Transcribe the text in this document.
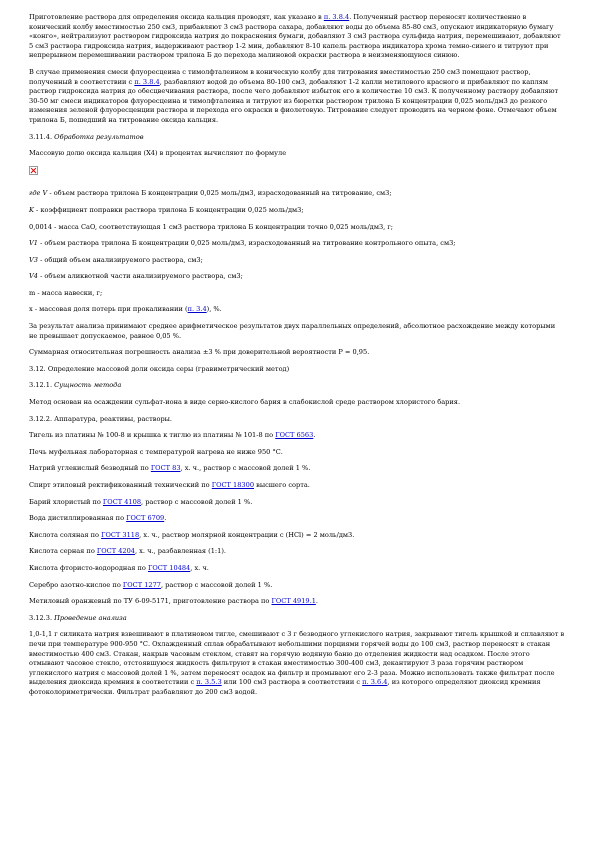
Приготовление раствора для определения оксида кальция проводят, как указано в п. 3.8.4. Полученный раствор переносят количественно в конический колбу вместимостью 250 см3, прибавляют 3 см3 раствора сахара, добавляют воды до объема 85-80 см3, опускают индикаторную бумагу «конго», нейтрализуют раствором гидроксида натрия до покраснения бумаги, добавляют 3 см3 раствора сульфида натрия, перемешивают, добавляют 5 см3 раствора гидроксида натрия, выдерживают раствор 1-2 мин, добавляют 8-10 капель раствора индикатора хрома темно-синего и титруют при непрерывном перемешивании раствором трилона Б до перехода малиновой окраски раствора в неизменяющуюся синюю.

В случае применения смеси флуоресцеина с тимолфталеином в коническую колбу для титрования вместимостью 250 см3 помещают раствор, полученный в соответствии с п. 3.8.4, разбавляют водой до объема 80-100 см3, добавляют 1-2 капли метилового красного и прибавляют по каплям раствор гидроксида натрия до обесцвечивания раствора, после чего добавляют избыток его в количестве 10 см3. К полученному раствору добавляют 30-50 мг смеси индикаторов флуоресцеина и тимолфталеина и титруют из бюретки раствором трилона Б концентрации 0,025 моль/дм3 до резкого изменения зеленой флуоресценции раствора и перехода его окраски в фиолетовую. Титрование следует проводить на черном фоне. Отмечают объем трилона Б, пошедший на титрование оксида кальция.

3.11.4. Обработка результатов

Массовую долю оксида кальция (X4) в процентах вычисляют по формуле

где V - объем раствора трилона Б концентрации 0,025 моль/дм3, израсходованный на титрование, см3;

K - коэффициент поправки раствора трилона Б концентрации 0,025 моль/дм3;

0,0014 - масса CaO, соответствующая 1 см3 раствора трилона Б концентрации точно 0,025 моль/дм3, г;

V1 - объем раствора трилона Б концентрации 0,025 моль/дм3, израсходованный на титрование контрольного опыта, см3;

V3 - общий объем анализируемого раствора, см3;

V4 - объем аликвотной части анализируемого раствора, см3;

m - масса навески, г;

x - массовая доля потерь при прокаливании (п. 3.4), %.

За результат анализа принимают среднее арифметическое результатов двух параллельных определений, абсолютное расхождение между которыми не превышает допускаемое, равное 0,05 %.

Суммарная относительная погрешность анализа ±3 % при доверительной вероятности P = 0,95.

3.12. Определение массовой доли оксида серы (гравиметрический метод)

3.12.1. Сущность метода

Метод основан на осаждении сульфат-иона в виде серно-кислого бария в слабокислой среде раствором хлористого бария.

3.12.2. Аппаратура, реактивы, растворы.

Тигель из платины № 100-8 и крышка к тиглю из платины № 101-8 по ГОСТ 6563.

Печь муфельная лабораторная с температурой нагрева не ниже 950 °С.

Натрий углекислый безводный по ГОСТ 83, х. ч., раствор с массовой долей 1 %.

Спирт этиловый ректификованный технический по ГОСТ 18300 высшего сорта.

Барий хлористый по ГОСТ 4108, раствор с массовой долей 1 %.

Вода дистиллированная по ГОСТ 6709.

Кислота соляная по ГОСТ 3118, х. ч., раствор молярной концентрации с (HCl) = 2 моль/дм3.

Кислота серная по ГОСТ 4204, х. ч., разбавленная (1:1).

Кислота фтористо-водородная по ГОСТ 10484, х. ч.

Серебро азотно-кислое по ГОСТ 1277, раствор с массовой долей 1 %.

Метиловый оранжевый по ТУ 6-09-5171, приготовление раствора по ГОСТ 4919.1.

3.12.3. Проведение анализа

1,0-1,1 г силиката натрия взвешивают в платиновом тигле, смешивают с 3 г безводного углекислого натрия, закрывают тигель крышкой и сплавляют в печи при температуре 900-950 °С. Охлажденный сплав обрабатывают небольшими порциями горячей воды до 100 см3, раствор переносят в стакан вместимостью 400 см3. Стакан, накрыв часовым стеклом, ставят на горячую водяную баню до отделения жидкости над осадком. После этого отмывают часовое стекло, отстоявшуюся жидкость фильтруют в стакан вместимостью 300-400 см3, декантируют 3 раза горячим раствором углекислого натрия с массовой долей 1 %, затем переносят осадок на фильтр и промывают его 2-3 раза. Можно использовать также фильтрат после выделения диоксида кремния в соответствии с п. 3.5.3 или 100 см3 раствора в соответствии с п. 3.6.4, из которого определяют диоксид кремния фотоколориметрически. Фильтрат разбавляют до 200 см3 водой.
